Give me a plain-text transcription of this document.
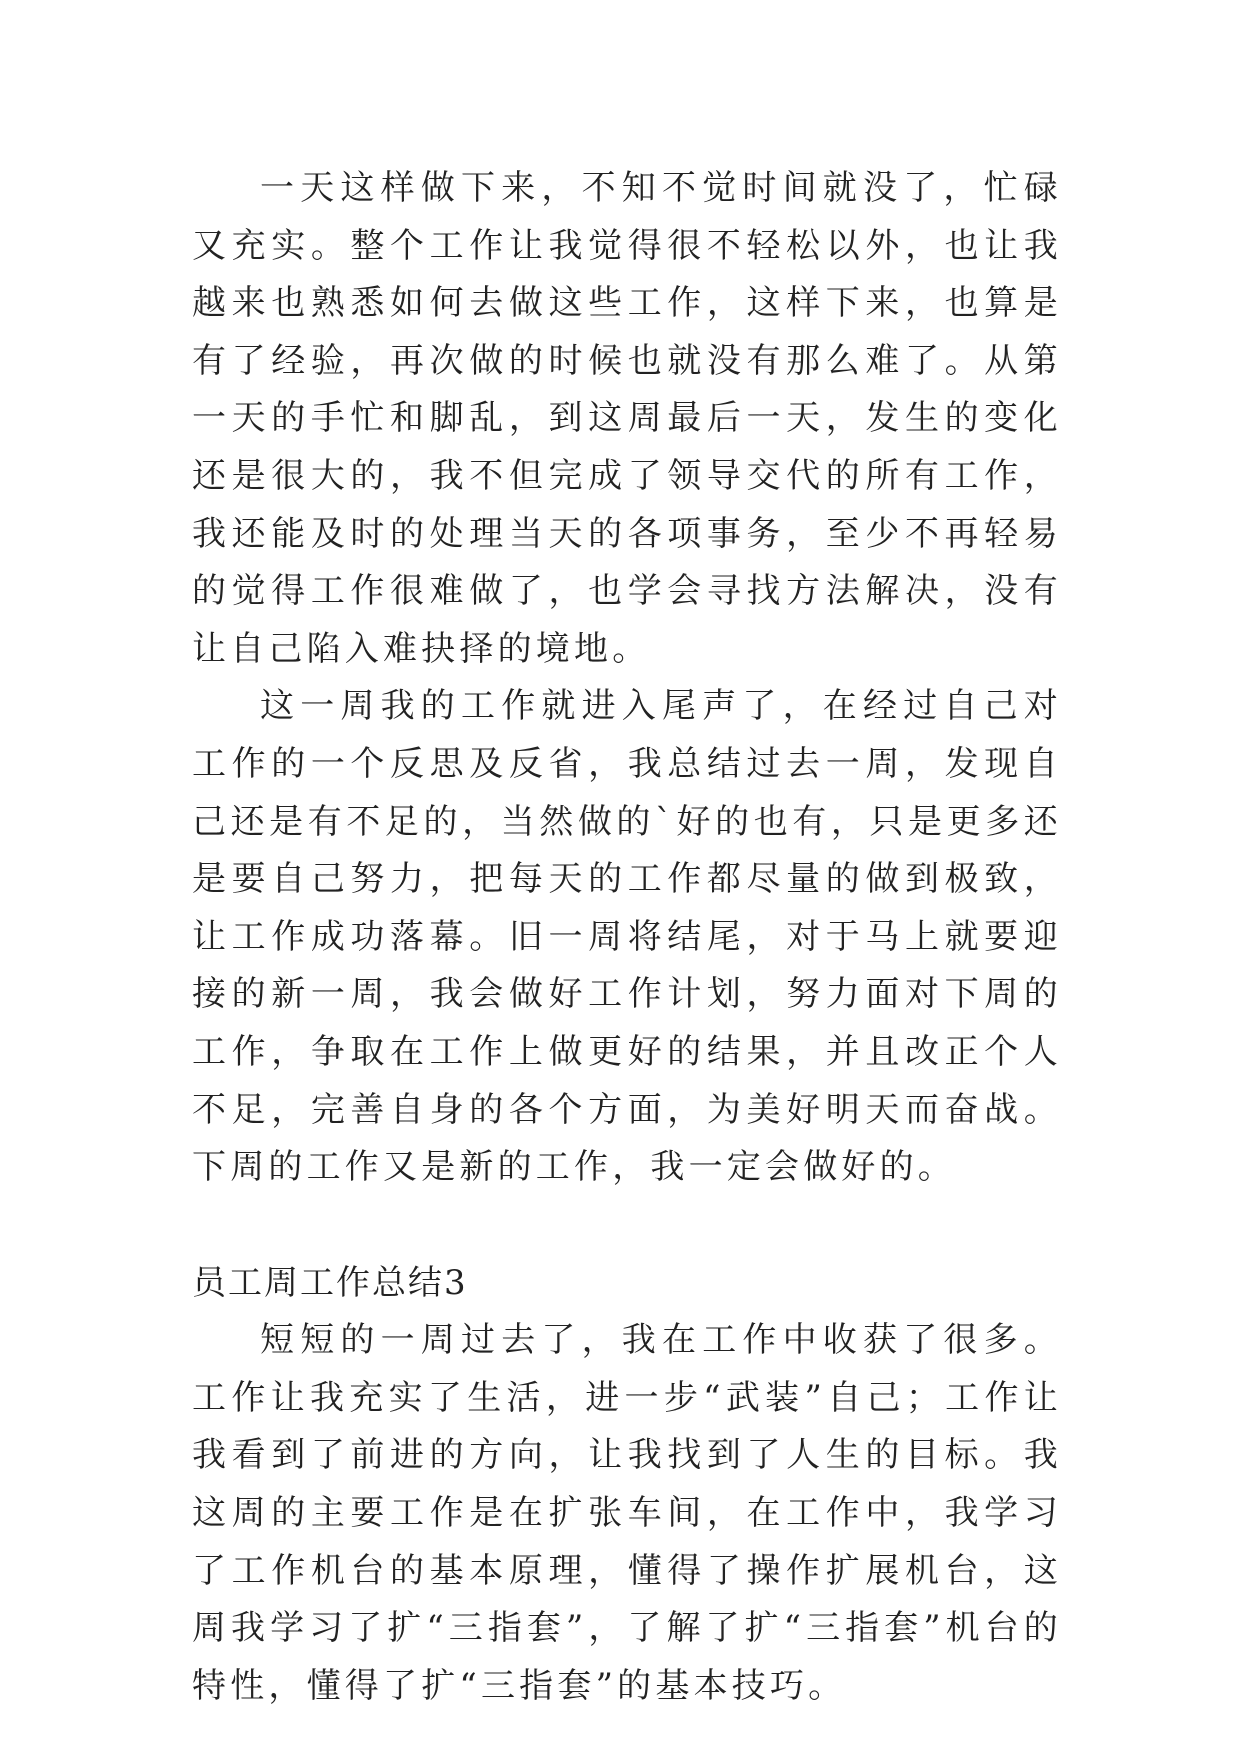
一天这样做下来，不知不觉时间就没了，忙碌又充实。整个工作让我觉得很不轻松以外，也让我越来也熟悉如何去做这些工作，这样下来，也算是有了经验，再次做的时候也就没有那么难了。从第一天的手忙和脚乱，到这周最后一天，发生的变化还是很大的，我不但完成了领导交代的所有工作，我还能及时的处理当天的各项事务，至少不再轻易的觉得工作很难做了，也学会寻找方法解决，没有让自己陷入难抉择的境地。

这一周我的工作就进入尾声了，在经过自己对工作的一个反思及反省，我总结过去一周，发现自己还是有不足的，当然做的`好的也有，只是更多还是要自己努力，把每天的工作都尽量的做到极致，让工作成功落幕。旧一周将结尾，对于马上就要迎接的新一周，我会做好工作计划，努力面对下周的工作，争取在工作上做更好的结果，并且改正个人不足，完善自身的各个方面，为美好明天而奋战。下周的工作又是新的工作，我一定会做好的。

员工周工作总结3

短短的一周过去了，我在工作中收获了很多。工作让我充实了生活，进一步“武装”自己；工作让我看到了前进的方向，让我找到了人生的目标。我这周的主要工作是在扩张车间，在工作中，我学习了工作机台的基本原理，懂得了操作扩展机台，这周我学习了扩“三指套”，了解了扩“三指套”机台的特性，懂得了扩“三指套”的基本技巧。
